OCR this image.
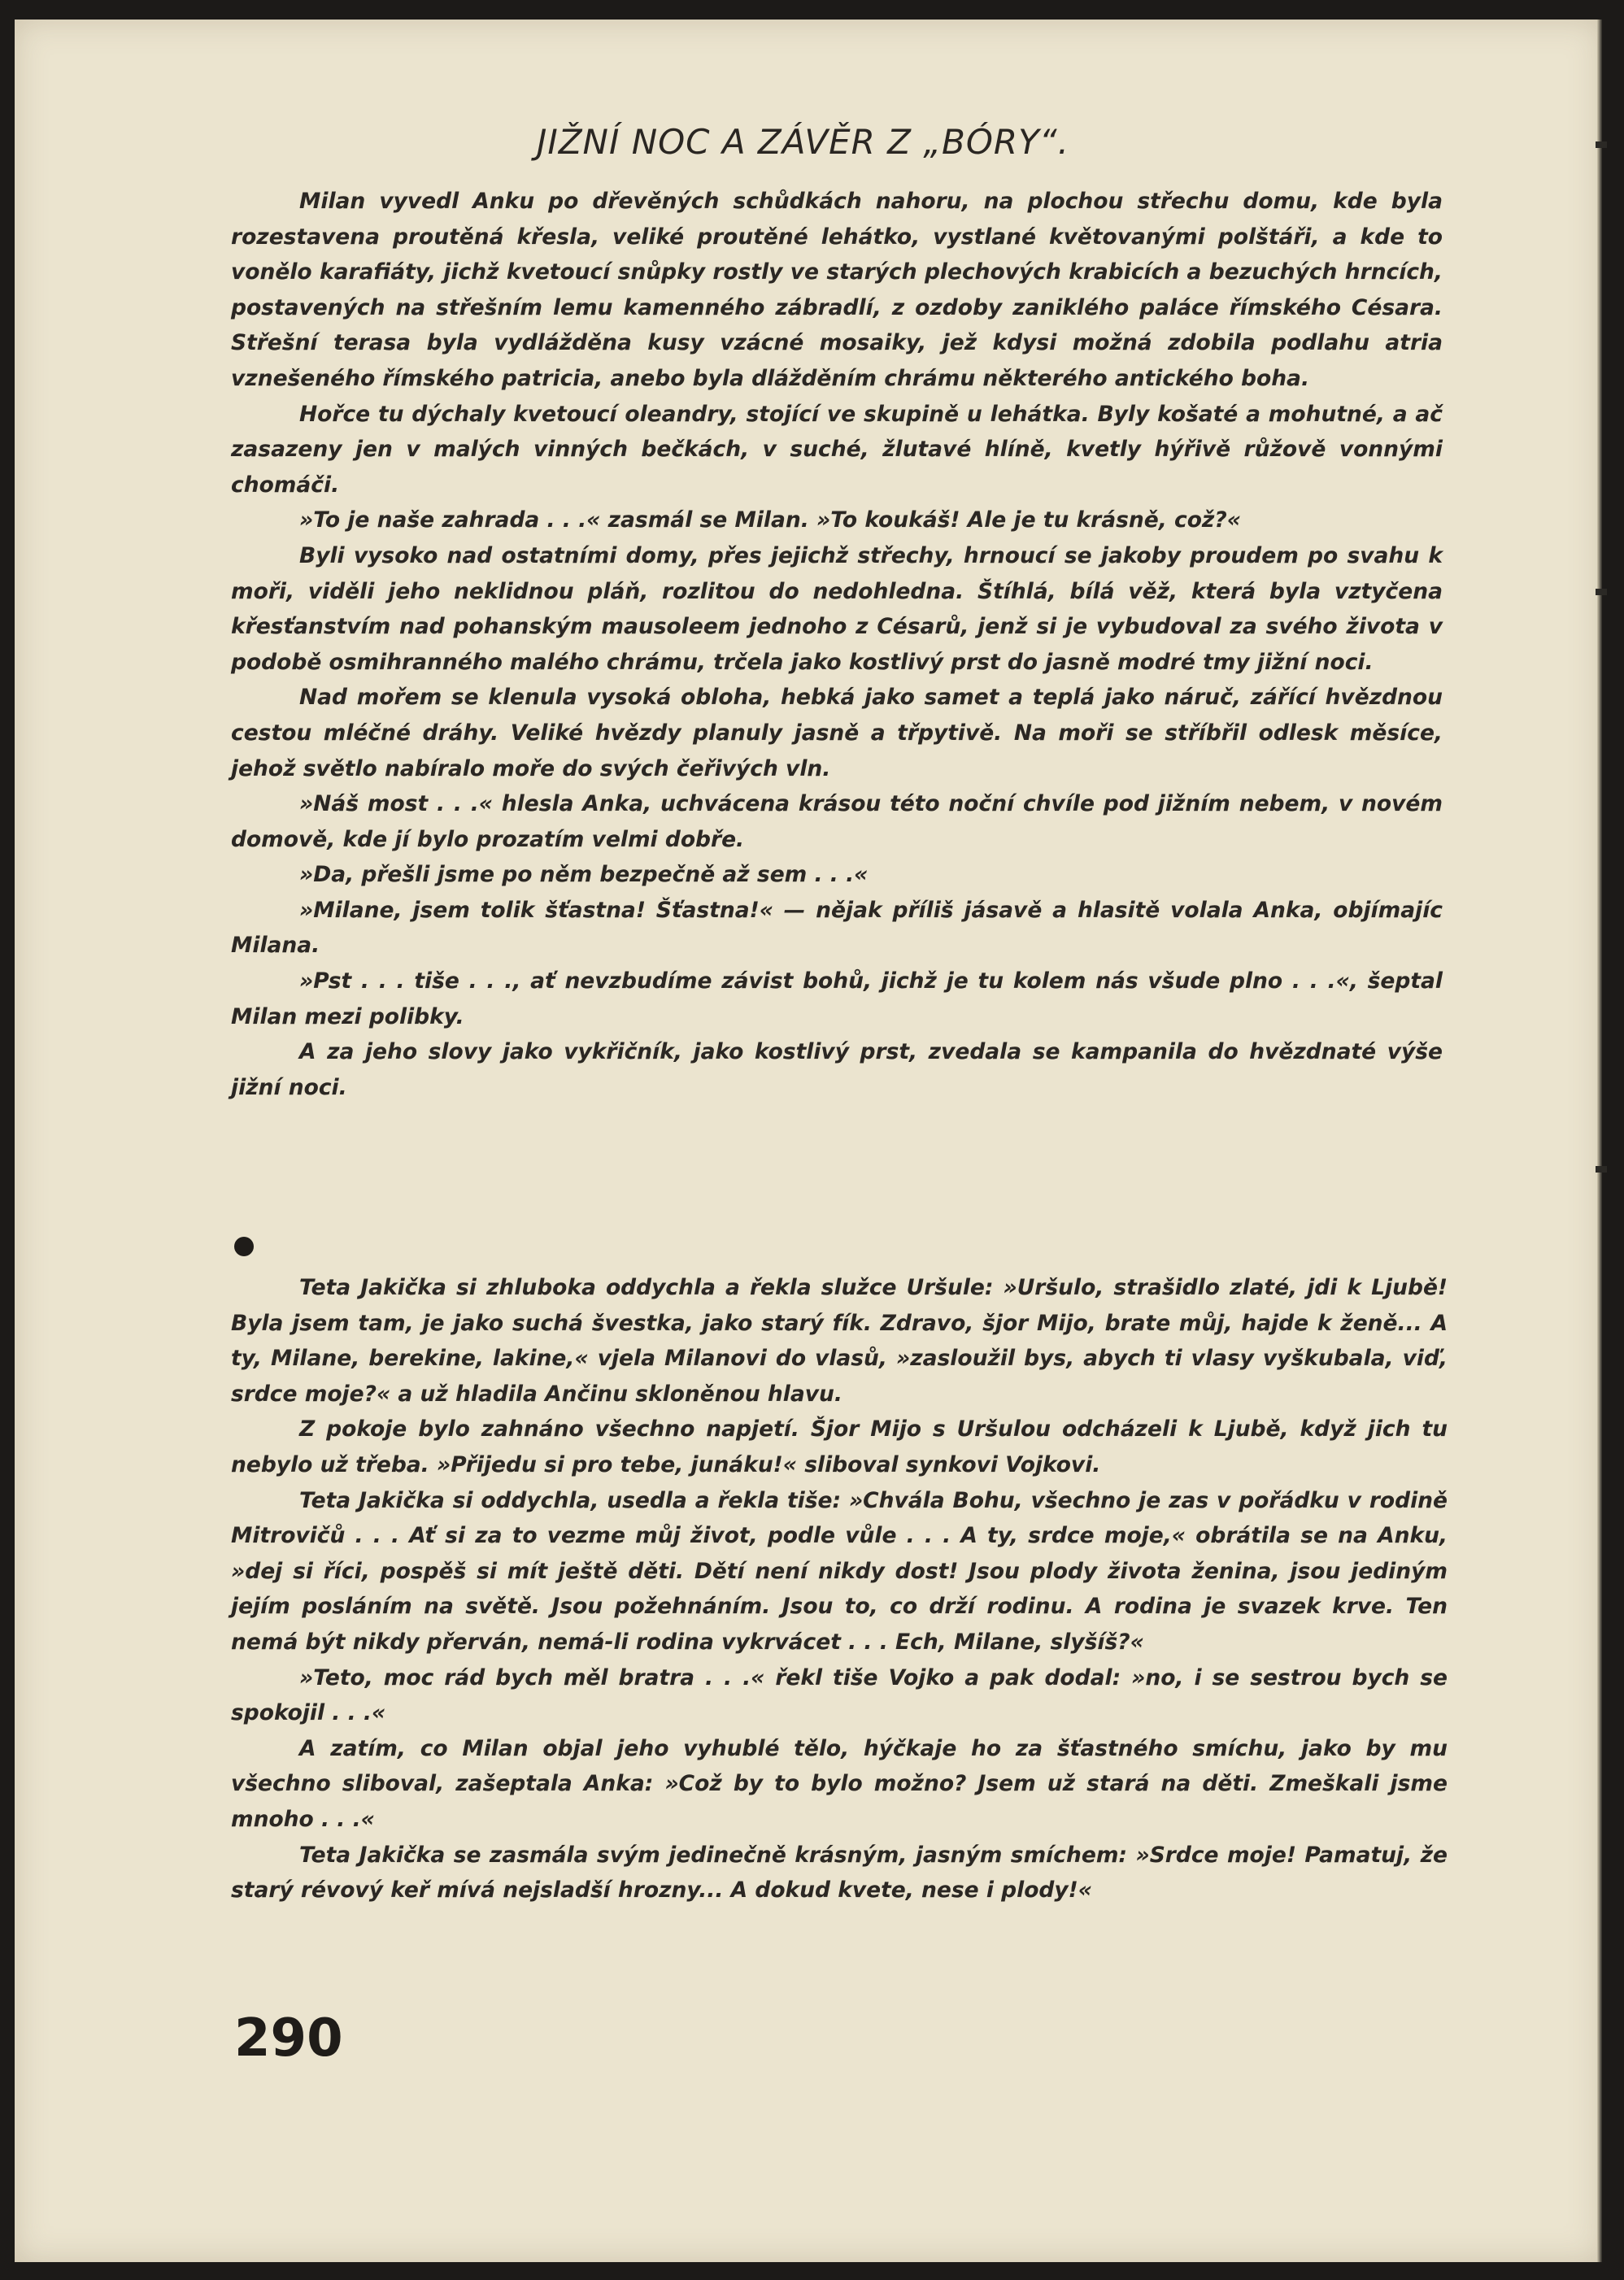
JIŽNÍ NOC A ZÁVĚR Z „BÓRY“.

Milan vyvedl Anku po dřevěných schůdkách nahoru, na plochou střechu domu, kde byla rozestavena proutěná křesla, veliké proutěné lehátko, vystlané květovanými polštáři, a kde to vonělo karafiáty, jichž kvetoucí snůpky rostly ve starých plechových krabicích a bezuchých hrncích, postavených na střešním lemu kamenného zábradlí, z ozdoby zaniklého paláce římského Césara. Střešní terasa byla vydlážděna kusy vzácné mosaiky, jež kdysi možná zdobila podlahu atria vznešeného římského patricia, anebo byla dlážděním chrámu některého antického boha.

Hořce tu dýchaly kvetoucí oleandry, stojící ve skupině u lehátka. Byly košaté a mohutné, a ač zasazeny jen v malých vinných bečkách, v suché, žlutavé hlíně, kvetly hýřivě růžově vonnými chomáči.

»To je naše zahrada . . .« zasmál se Milan. »To koukáš! Ale je tu krásně, což?«

Byli vysoko nad ostatními domy, přes jejichž střechy, hrnoucí se jakoby proudem po svahu k moři, viděli jeho neklidnou pláň, rozlitou do nedohledna. Štíhlá, bílá věž, která byla vztyčena křesťanstvím nad pohanským mausoleem jednoho z Césarů, jenž si je vybudoval za svého života v podobě osmihranného malého chrámu, trčela jako kostlivý prst do jasně modré tmy jižní noci.

Nad mořem se klenula vysoká obloha, hebká jako samet a teplá jako náruč, zářící hvězdnou cestou mléčné dráhy. Veliké hvězdy planuly jasně a třpytivě. Na moři se stříbřil odlesk měsíce, jehož světlo nabíralo moře do svých čeřivých vln.

»Náš most . . .« hlesla Anka, uchvácena krásou této noční chvíle pod jižním nebem, v novém domově, kde jí bylo prozatím velmi dobře.

»Da, přešli jsme po něm bezpečně až sem . . .«

»Milane, jsem tolik šťastna! Šťastna!« — nějak příliš jásavě a hlasitě volala Anka, objímajíc Milana.

»Pst . . . tiše . . ., ať nevzbudíme závist bohů, jichž je tu kolem nás všude plno . . .«, šeptal Milan mezi polibky.

A za jeho slovy jako vykřičník, jako kostlivý prst, zvedala se kampanila do hvězdnaté výše jižní noci.

Teta Jakička si zhluboka oddychla a řekla služce Uršule: »Uršulo, strašidlo zlaté, jdi k Ljubě! Byla jsem tam, je jako suchá švestka, jako starý fík. Zdravo, šjor Mijo, brate můj, hajde k ženě... A ty, Milane, berekine, lakine,« vjela Milanovi do vlasů, »zasloužil bys, abych ti vlasy vyškubala, viď, srdce moje?« a už hladila Ančinu skloněnou hlavu.

Z pokoje bylo zahnáno všechno napjetí. Šjor Mijo s Uršulou odcházeli k Ljubě, když jich tu nebylo už třeba. »Přijedu si pro tebe, junáku!« sliboval synkovi Vojkovi.

Teta Jakička si oddychla, usedla a řekla tiše: »Chvála Bohu, všechno je zas v pořádku v rodině Mitrovičů . . . Ať si za to vezme můj život, podle vůle . . . A ty, srdce moje,« obrátila se na Anku, »dej si říci, pospěš si mít ještě děti. Dětí není nikdy dost! Jsou plody života ženina, jsou jediným jejím posláním na světě. Jsou požehnáním. Jsou to, co drží rodinu. A rodina je svazek krve. Ten nemá být nikdy přerván, nemá-li rodina vykrvácet . . . Ech, Milane, slyšíš?«

»Teto, moc rád bych měl bratra . . .« řekl tiše Vojko a pak dodal: »no, i se sestrou bych se spokojil . . .«

A zatím, co Milan objal jeho vyhublé tělo, hýčkaje ho za šťastného smíchu, jako by mu všechno sliboval, zašeptala Anka: »Což by to bylo možno? Jsem už stará na děti. Zmeškali jsme mnoho . . .«

Teta Jakička se zasmála svým jedinečně krásným, jasným smíchem: »Srdce moje! Pamatuj, že starý révový keř mívá nejsladší hrozny... A dokud kvete, nese i plody!«

290
